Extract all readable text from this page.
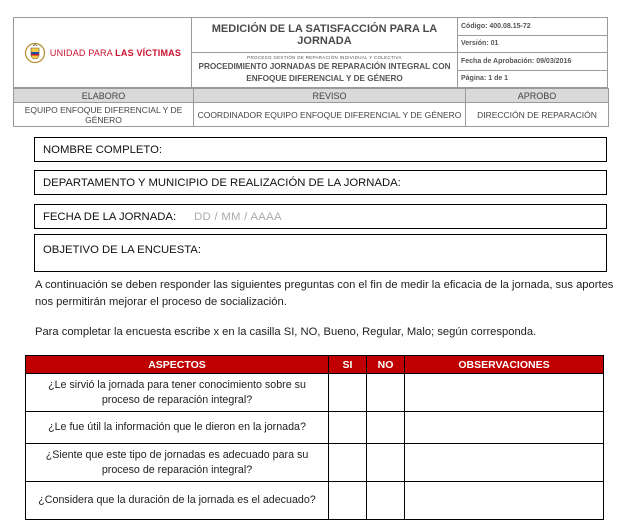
UNIDAD PARA LAS VÍCTIMAS

MEDICIÓN DE LA SATISFACCIÓN PARA LA JORNADA
PROCESO GESTIÓN DE REPARACIÓN INDIVIDUAL Y COLECTIVA
PROCEDIMIENTO JORNADAS DE REPARACIÓN INTEGRAL CON ENFOQUE DIFERENCIAL Y DE GÉNERO
	Código: 400.08.15-72
Versión: 01
Fecha de Aprobación: 09/03/2016
Página: 1 de 1
ELABORO	REVISO	APROBO
EQUIPO ENFOQUE DIFERENCIAL Y DE GÉNERO	COORDINADOR EQUIPO ENFOQUE DIFERENCIAL Y DE GÉNERO	DIRECCIÓN DE REPARACIÓN
NOMBRE COMPLETO:
DEPARTAMENTO Y MUNICIPIO DE REALIZACIÓN DE LA JORNADA:
FECHA DE LA JORNADA: DD / MM / AAAA
OBJETIVO DE LA ENCUESTA:
A continuación se deben responder las siguientes preguntas con el fin de medir la eficacia de la jornada, sus aportes nos permitirán mejorar el proceso de socialización.
Para completar la encuesta escribe x en la casilla SI, NO, Bueno, Regular, Malo; según corresponda.
ASPECTOS	SI	NO	OBSERVACIONES
¿Le sirvió la jornada para tener conocimiento sobre su proceso de reparación integral?			
¿Le fue útil la información que le dieron en la jornada?			
¿Siente que este tipo de jornadas es adecuado para su proceso de reparación integral?			
¿Considera que la duración de la jornada es el adecuado?			
